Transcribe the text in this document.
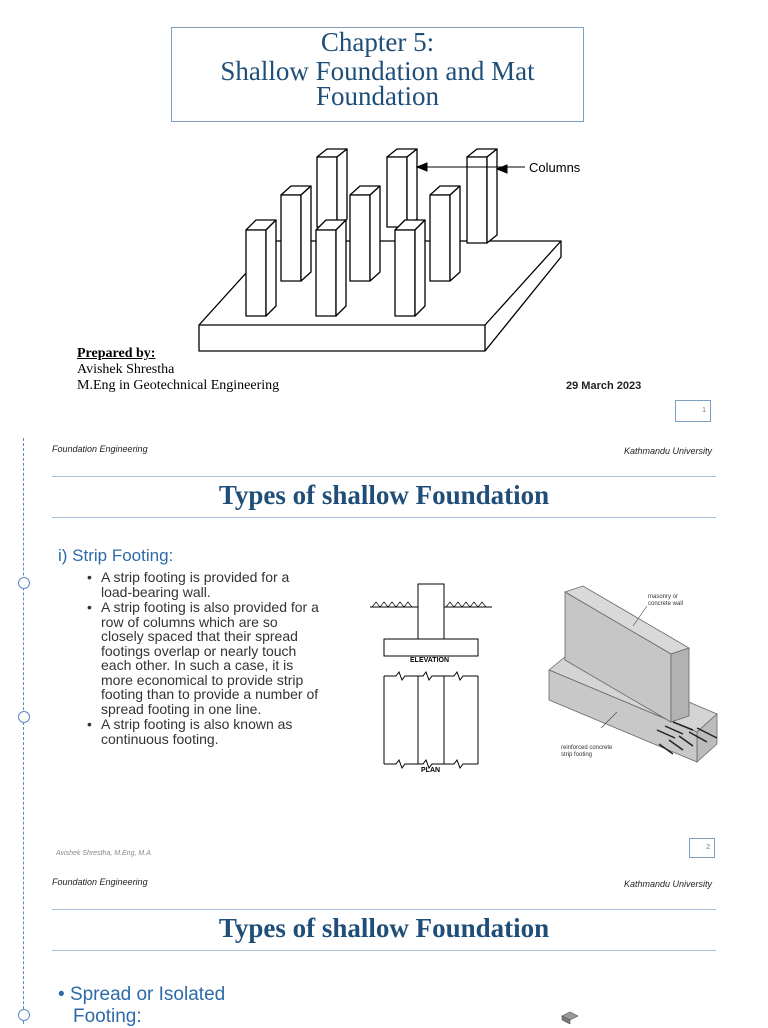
Chapter 5:
Shallow Foundation and Mat
Foundation
Columns
Prepared by:
Avishek Shrestha
M.Eng in Geotechnical Engineering	29 March 2023
1
Foundation Engineering	Kathmandu University
Types of shallow Foundation
i) Strip Footing:
• A strip footing is provided for a load-bearing wall.
• A strip footing is also provided for a row of columns which are so closely spaced that their spread footings overlap or nearly touch each other. In such a case, it is more economical to provide strip footing than to provide a number of spread footing in one line.
• A strip footing is also known as continuous footing.
ELEVATION
PLAN
masonry or
concrete wall
reinforced concrete
strip footing
Avishek Shrestha, M.Eng, M.A
2
Foundation Engineering	Kathmandu University
Types of shallow Foundation
• Spread or Isolated
Footing:
